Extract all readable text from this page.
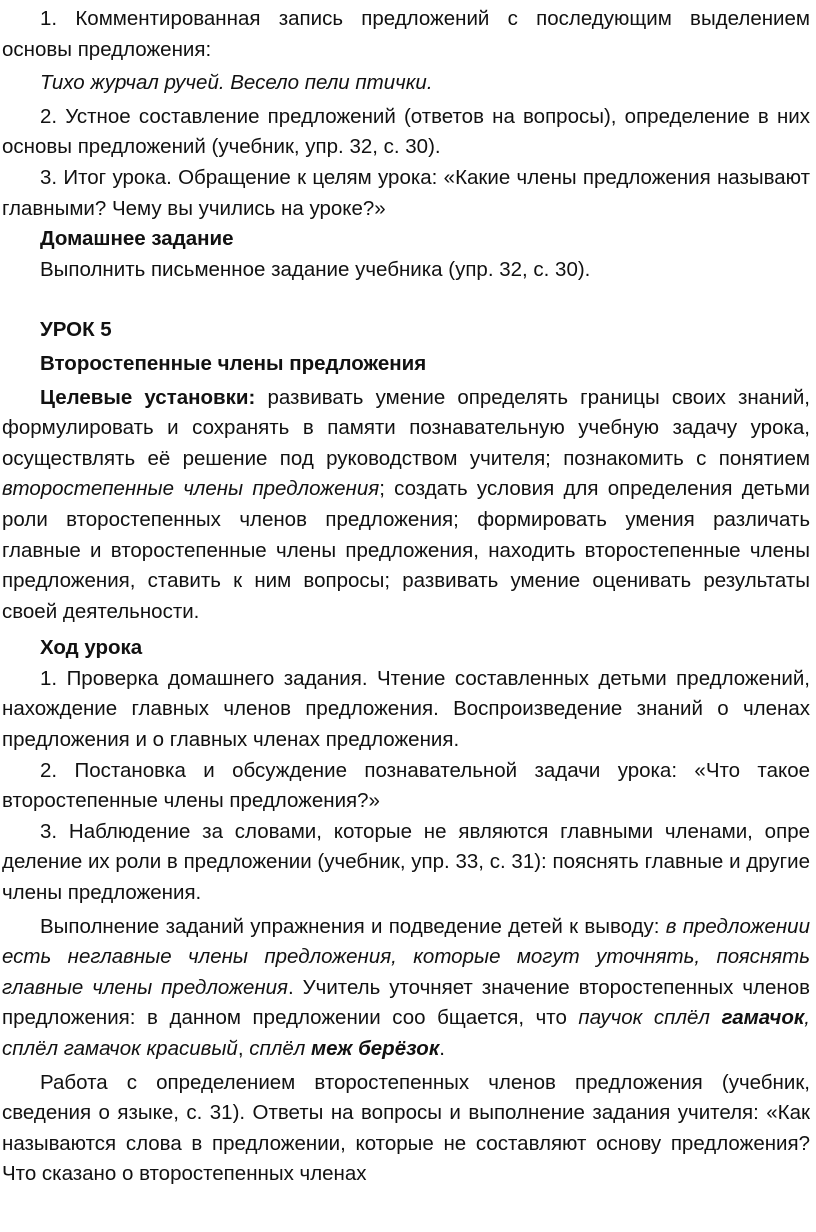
1. Комментированная запись предложений с последующим выделением основы предложения:

Тихо журчал ручей. Весело пели птички.

2. Устное составление предложений (ответов на вопросы), определение в них основы предложений (учебник, упр. 32, с. 30).

3. Итог урока. Обращение к целям урока: «Какие члены предложения называют главными? Чему вы учились на уроке?»

Домашнее задание

Выполнить письменное задание учебника (упр. 32, с. 30).

УРОК 5

Второстепенные члены предложения

Целевые установки: развивать умение определять границы своих знаний, формулировать и сохранять в памяти познавательную учебную задачу урока, осуществлять её решение под руководством учителя; познакомить с понятием второстепенные члены предложения; создать условия для определения детьми роли второстепенных членов предложения; формировать умения различать главные и второстепенные члены предложения, находить второстепенные члены предложения, ставить к ним вопросы; развивать умение оценивать результаты своей деятельности.

Ход урока

1. Проверка домашнего задания. Чтение составленных детьми предложений, нахождение главных членов предложения. Воспроизведение знаний о членах предложения и о главных членах предложения.

2. Постановка и обсуждение познавательной задачи урока: «Что такое второстепенные члены предложения?»

3. Наблюдение за словами, которые не являются главными членами, опре деление их роли в предложении (учебник, упр. 33, с. 31): пояснять главные и другие члены предложения.

Выполнение заданий упражнения и подведение детей к выводу: в предложении есть неглавные члены предложения, которые могут уточнять, пояснять главные члены предложения. Учитель уточняет значение второстепенных членов предложения: в данном предложении соо бщается, что паучок сплёл гамачок, сплёл гамачок красивый, сплёл меж берёзок.

Работа с определением второстепенных членов предложения (учебник, сведения о языке, с. 31). Ответы на вопросы и выполнение задания учителя: «Как называются слова в предложении, которые не составляют основу предложения? Что сказано о второстепенных членах
